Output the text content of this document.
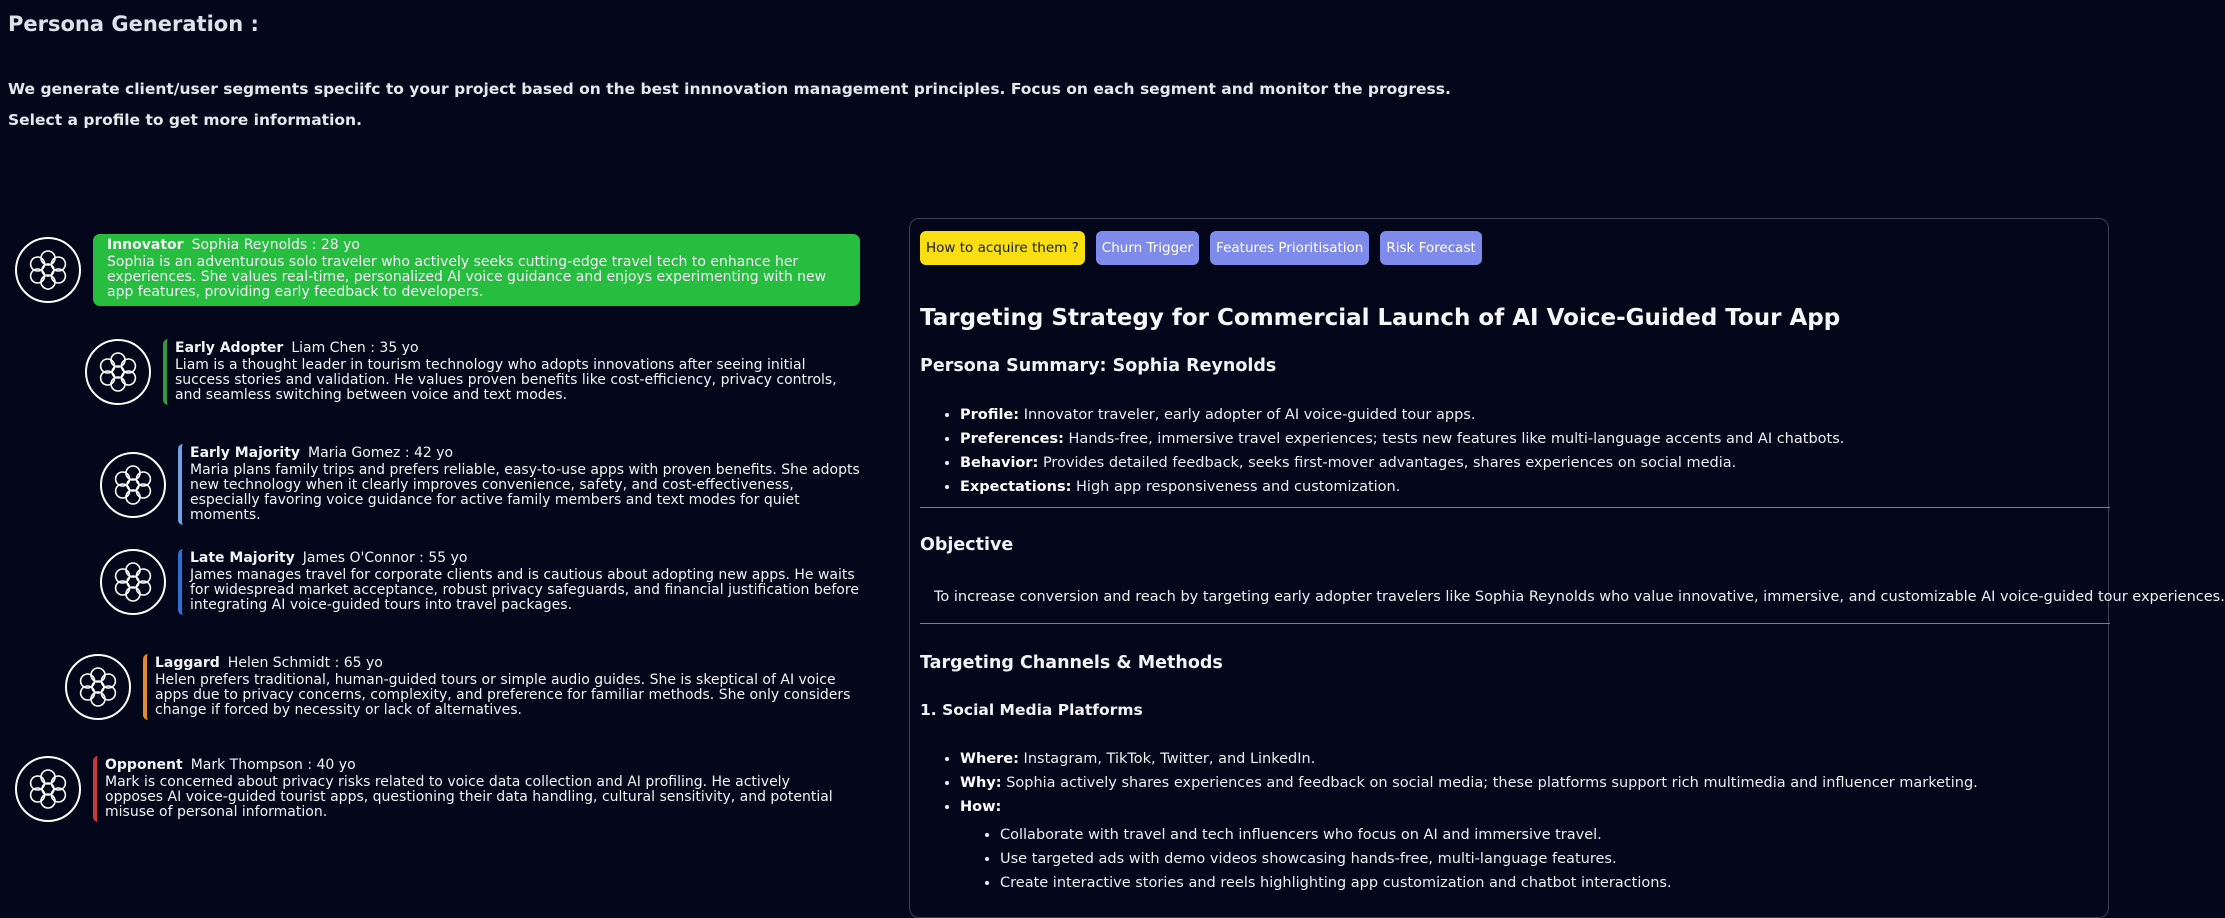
Persona Generation :

We generate client/user segments speciifc to your project based on the best innnovation management principles. Focus on each segment and monitor the progress.

Select a profile to get more information.

Innovator Sophia Reynolds : 28 yo
Sophia is an adventurous solo traveler who actively seeks cutting-edge travel tech to enhance her experiences. She values real-time, personalized AI voice guidance and enjoys experimenting with new app features, providing early feedback to developers.
Early Adopter Liam Chen : 35 yo
Liam is a thought leader in tourism technology who adopts innovations after seeing initial success stories and validation. He values proven benefits like cost-efficiency, privacy controls, and seamless switching between voice and text modes.
Early Majority Maria Gomez : 42 yo
Maria plans family trips and prefers reliable, easy-to-use apps with proven benefits. She adopts new technology when it clearly improves convenience, safety, and cost-effectiveness, especially favoring voice guidance for active family members and text modes for quiet moments.
Late Majority James O'Connor : 55 yo
James manages travel for corporate clients and is cautious about adopting new apps. He waits for widespread market acceptance, robust privacy safeguards, and financial justification before integrating AI voice-guided tours into travel packages.
Laggard Helen Schmidt : 65 yo
Helen prefers traditional, human-guided tours or simple audio guides. She is skeptical of AI voice apps due to privacy concerns, complexity, and preference for familiar methods. She only considers change if forced by necessity or lack of alternatives.
Opponent Mark Thompson : 40 yo
Mark is concerned about privacy risks related to voice data collection and AI profiling. He actively opposes AI voice-guided tourist apps, questioning their data handling, cultural sensitivity, and potential misuse of personal information.
How to acquire them ?	Churn Trigger	Features Prioritisation	Risk Forecast
Targeting Strategy for Commercial Launch of AI Voice-Guided Tour App
Persona Summary: Sophia Reynolds
• Profile: Innovator traveler, early adopter of AI voice-guided tour apps.
• Preferences: Hands-free, immersive travel experiences; tests new features like multi-language accents and AI chatbots.
• Behavior: Provides detailed feedback, seeks first-mover advantages, shares experiences on social media.
• Expectations: High app responsiveness and customization.
Objective
To increase conversion and reach by targeting early adopter travelers like Sophia Reynolds who value innovative, immersive, and customizable AI voice-guided tour experiences.
Targeting Channels & Methods
1. Social Media Platforms
• Where: Instagram, TikTok, Twitter, and LinkedIn.
• Why: Sophia actively shares experiences and feedback on social media; these platforms support rich multimedia and influencer marketing.
• How:
• Collaborate with travel and tech influencers who focus on AI and immersive travel.
• Use targeted ads with demo videos showcasing hands-free, multi-language features.
• Create interactive stories and reels highlighting app customization and chatbot interactions.
